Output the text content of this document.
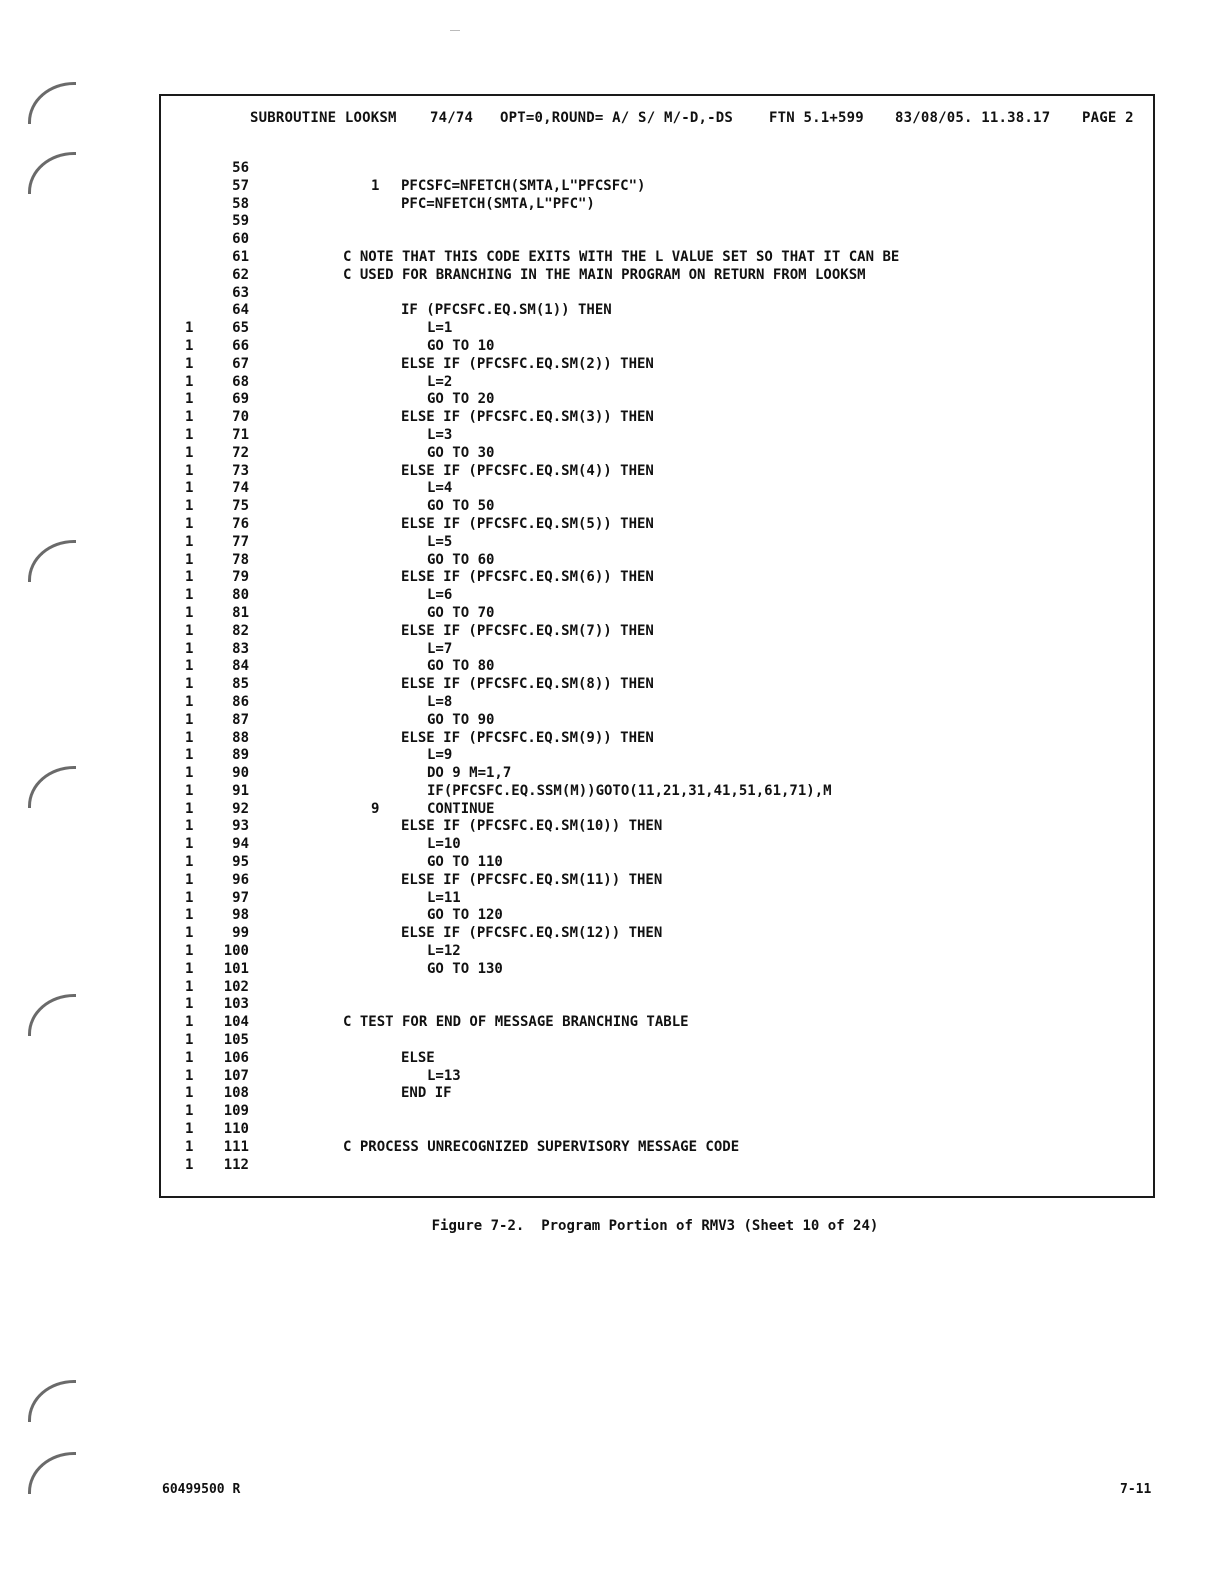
SUBROUTINE LOOKSM 74/74 OPT=0,ROUND= A/ S/ M/-D,-DS	FTN 5.1+599 83/08/05. 11.38.17 PAGE 2
56
57	1 PFCSFC=NFETCH(SMTA,L"PFCSFC")
58	PFC=NFETCH(SMTA,L"PFC")
59
60
61	C NOTE THAT THIS CODE EXITS WITH THE L VALUE SET SO THAT IT CAN BE
62	C USED FOR BRANCHING IN THE MAIN PROGRAM ON RETURN FROM LOOKSM
63
64	IF (PFCSFC.EQ.SM(1)) THEN
1	65	L=1
1	66	GO TO 10
1	67	ELSE IF (PFCSFC.EQ.SM(2)) THEN
1	68	L=2
1	69	GO TO 20
1	70	ELSE IF (PFCSFC.EQ.SM(3)) THEN
1	71	L=3
1	72	GO TO 30
1	73	ELSE IF (PFCSFC.EQ.SM(4)) THEN
1	74	L=4
1	75	GO TO 50
1	76	ELSE IF (PFCSFC.EQ.SM(5)) THEN
1	77	L=5
1	78	GO TO 60
1	79	ELSE IF (PFCSFC.EQ.SM(6)) THEN
1	80	L=6
1	81	GO TO 70
1	82	ELSE IF (PFCSFC.EQ.SM(7)) THEN
1	83	L=7
1	84	GO TO 80
1	85	ELSE IF (PFCSFC.EQ.SM(8)) THEN
1	86	L=8
1	87	GO TO 90
1	88	ELSE IF (PFCSFC.EQ.SM(9)) THEN
1	89	L=9
1	90	DO 9 M=1,7
1	91	IF(PFCSFC.EQ.SSM(M))GOTO(11,21,31,41,51,61,71),M
1	92	9	CONTINUE
1	93	ELSE IF (PFCSFC.EQ.SM(10)) THEN
1	94	L=10
1	95	GO TO 110
1	96	ELSE IF (PFCSFC.EQ.SM(11)) THEN
1	97	L=11
1	98	GO TO 120
1	99	ELSE IF (PFCSFC.EQ.SM(12)) THEN
1	100	L=12
1	101	GO TO 130
1	102
1	103
1	104	C TEST FOR END OF MESSAGE BRANCHING TABLE
1	105
1	106	ELSE
1	107	L=13
1	108	END IF
1	109
1	110
1	111	C PROCESS UNRECOGNIZED SUPERVISORY MESSAGE CODE
1	112
Figure 7-2.  Program Portion of RMV3 (Sheet 10 of 24)
60499500 R	7-11
